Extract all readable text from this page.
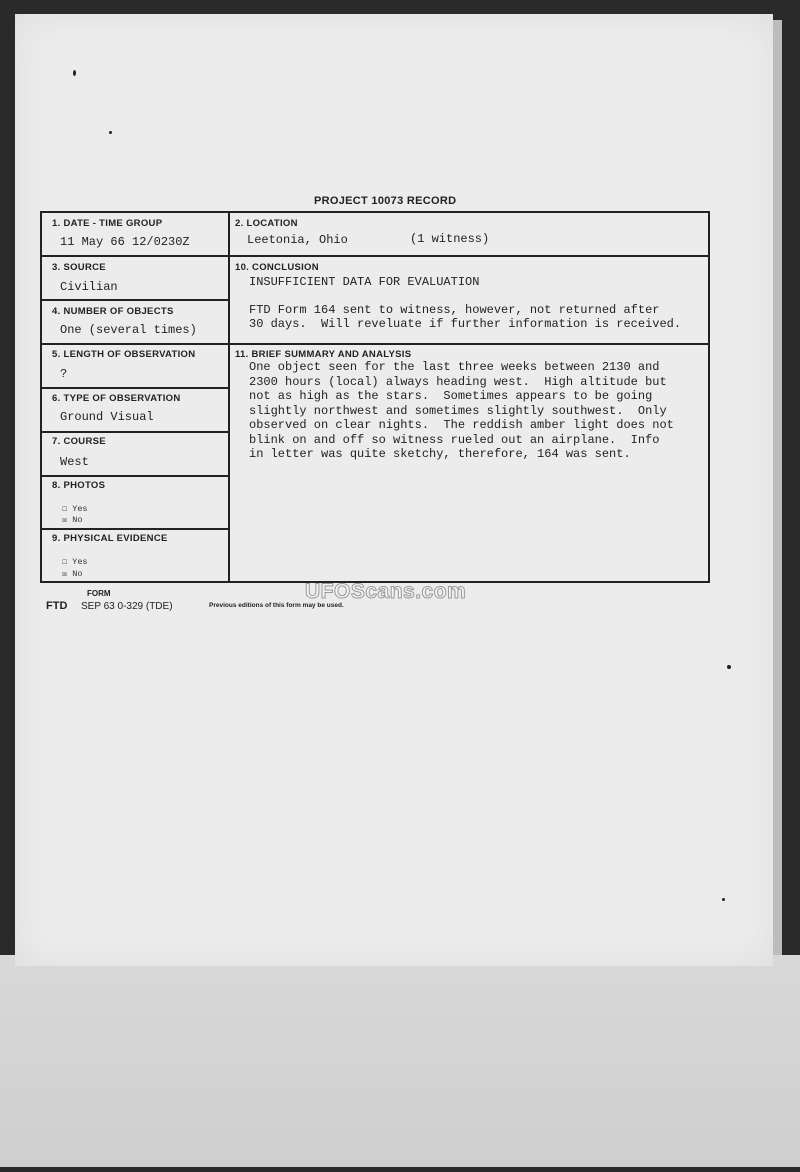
PROJECT 10073 RECORD
1. DATE - TIME GROUP
11 May 66 12/0230Z
2. LOCATION
Leetonia, Ohio	(1 witness)
3. SOURCE
Civilian
10. CONCLUSION
INSUFFICIENT DATA FOR EVALUATION
FTD Form 164 sent to witness, however, not returned after
30 days.  Will reveluate if further information is received.
4. NUMBER OF OBJECTS
One (several times)
5. LENGTH OF OBSERVATION
?
11. BRIEF SUMMARY AND ANALYSIS
One object seen for the last three weeks between 2130 and
2300 hours (local) always heading west.  High altitude but
not as high as the stars.  Sometimes appears to be going
slightly northwest and sometimes slightly southwest.  Only
observed on clear nights.  The reddish amber light does not
blink on and off so witness rueled out an airplane.  Info
in letter was quite sketchy, therefore, 164 was sent.
6. TYPE OF OBSERVATION
Ground Visual
7. COURSE
West
8. PHOTOS
☐ Yes
☒ No
9. PHYSICAL EVIDENCE
☐ Yes
☒ No
FORM
FTD SEP 63 0-329 (TDE)	Previous editions of this form may be used.
UFOScans.com
